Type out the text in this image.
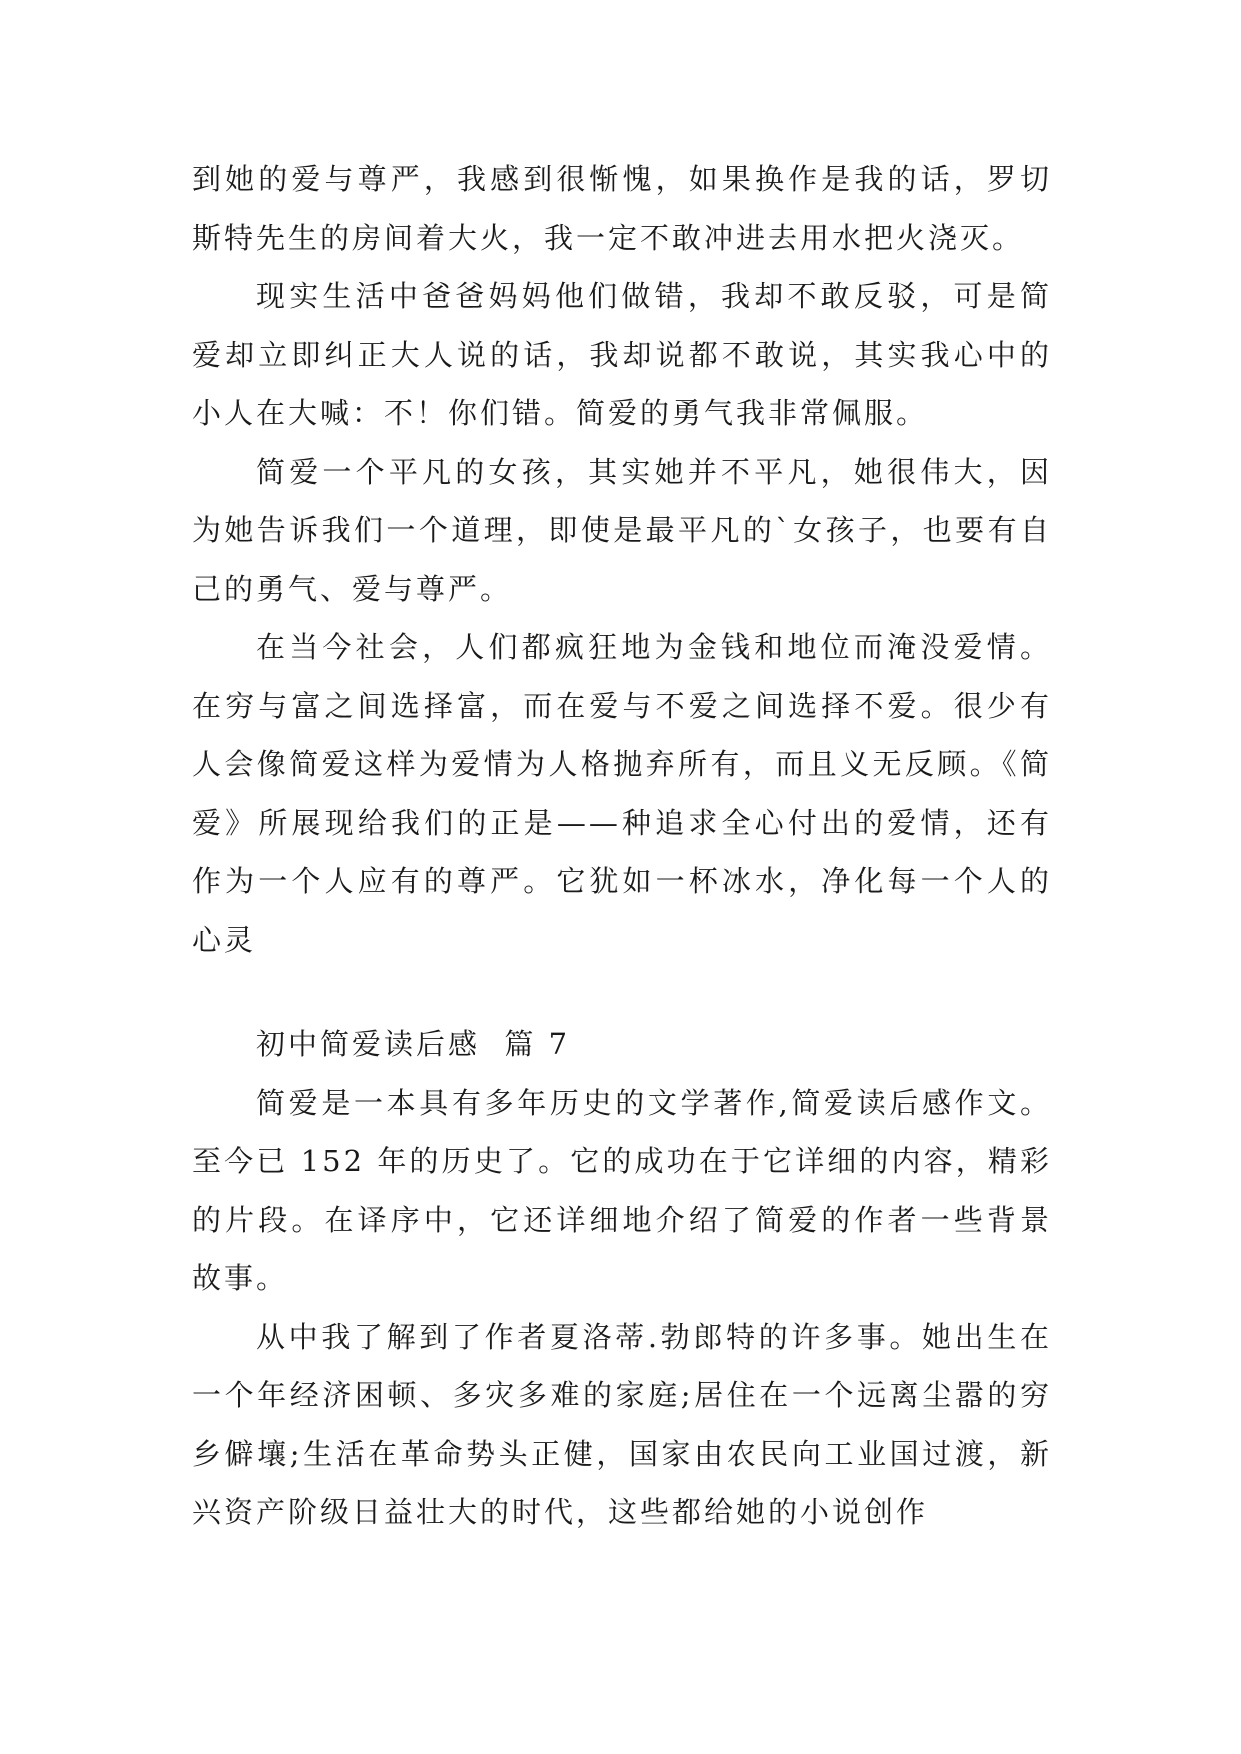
到她的爱与尊严，我感到很惭愧，如果换作是我的话，罗切斯特先生的房间着大火，我一定不敢冲进去用水把火浇灭。

现实生活中爸爸妈妈他们做错，我却不敢反驳，可是简爱却立即纠正大人说的话，我却说都不敢说，其实我心中的小人在大喊：不！你们错。简爱的勇气我非常佩服。

简爱一个平凡的女孩，其实她并不平凡，她很伟大，因为她告诉我们一个道理，即使是最平凡的`女孩子，也要有自己的勇气、爱与尊严。

在当今社会，人们都疯狂地为金钱和地位而淹没爱情。在穷与富之间选择富，而在爱与不爱之间选择不爱。很少有人会像简爱这样为爱情为人格抛弃所有，而且义无反顾。《简爱》所展现给我们的正是——种追求全心付出的爱情，还有作为一个人应有的尊严。它犹如一杯冰水，净化每一个人的心灵

初中简爱读后感  篇 7

简爱是一本具有多年历史的文学著作,简爱读后感作文。至今已 152 年的历史了。它的成功在于它详细的内容，精彩的片段。在译序中，它还详细地介绍了简爱的作者一些背景故事。

从中我了解到了作者夏洛蒂.勃郎特的许多事。她出生在一个年经济困顿、多灾多难的家庭;居住在一个远离尘嚣的穷乡僻壤;生活在革命势头正健，国家由农民向工业国过渡，新兴资产阶级日益壮大的时代，这些都给她的小说创作
